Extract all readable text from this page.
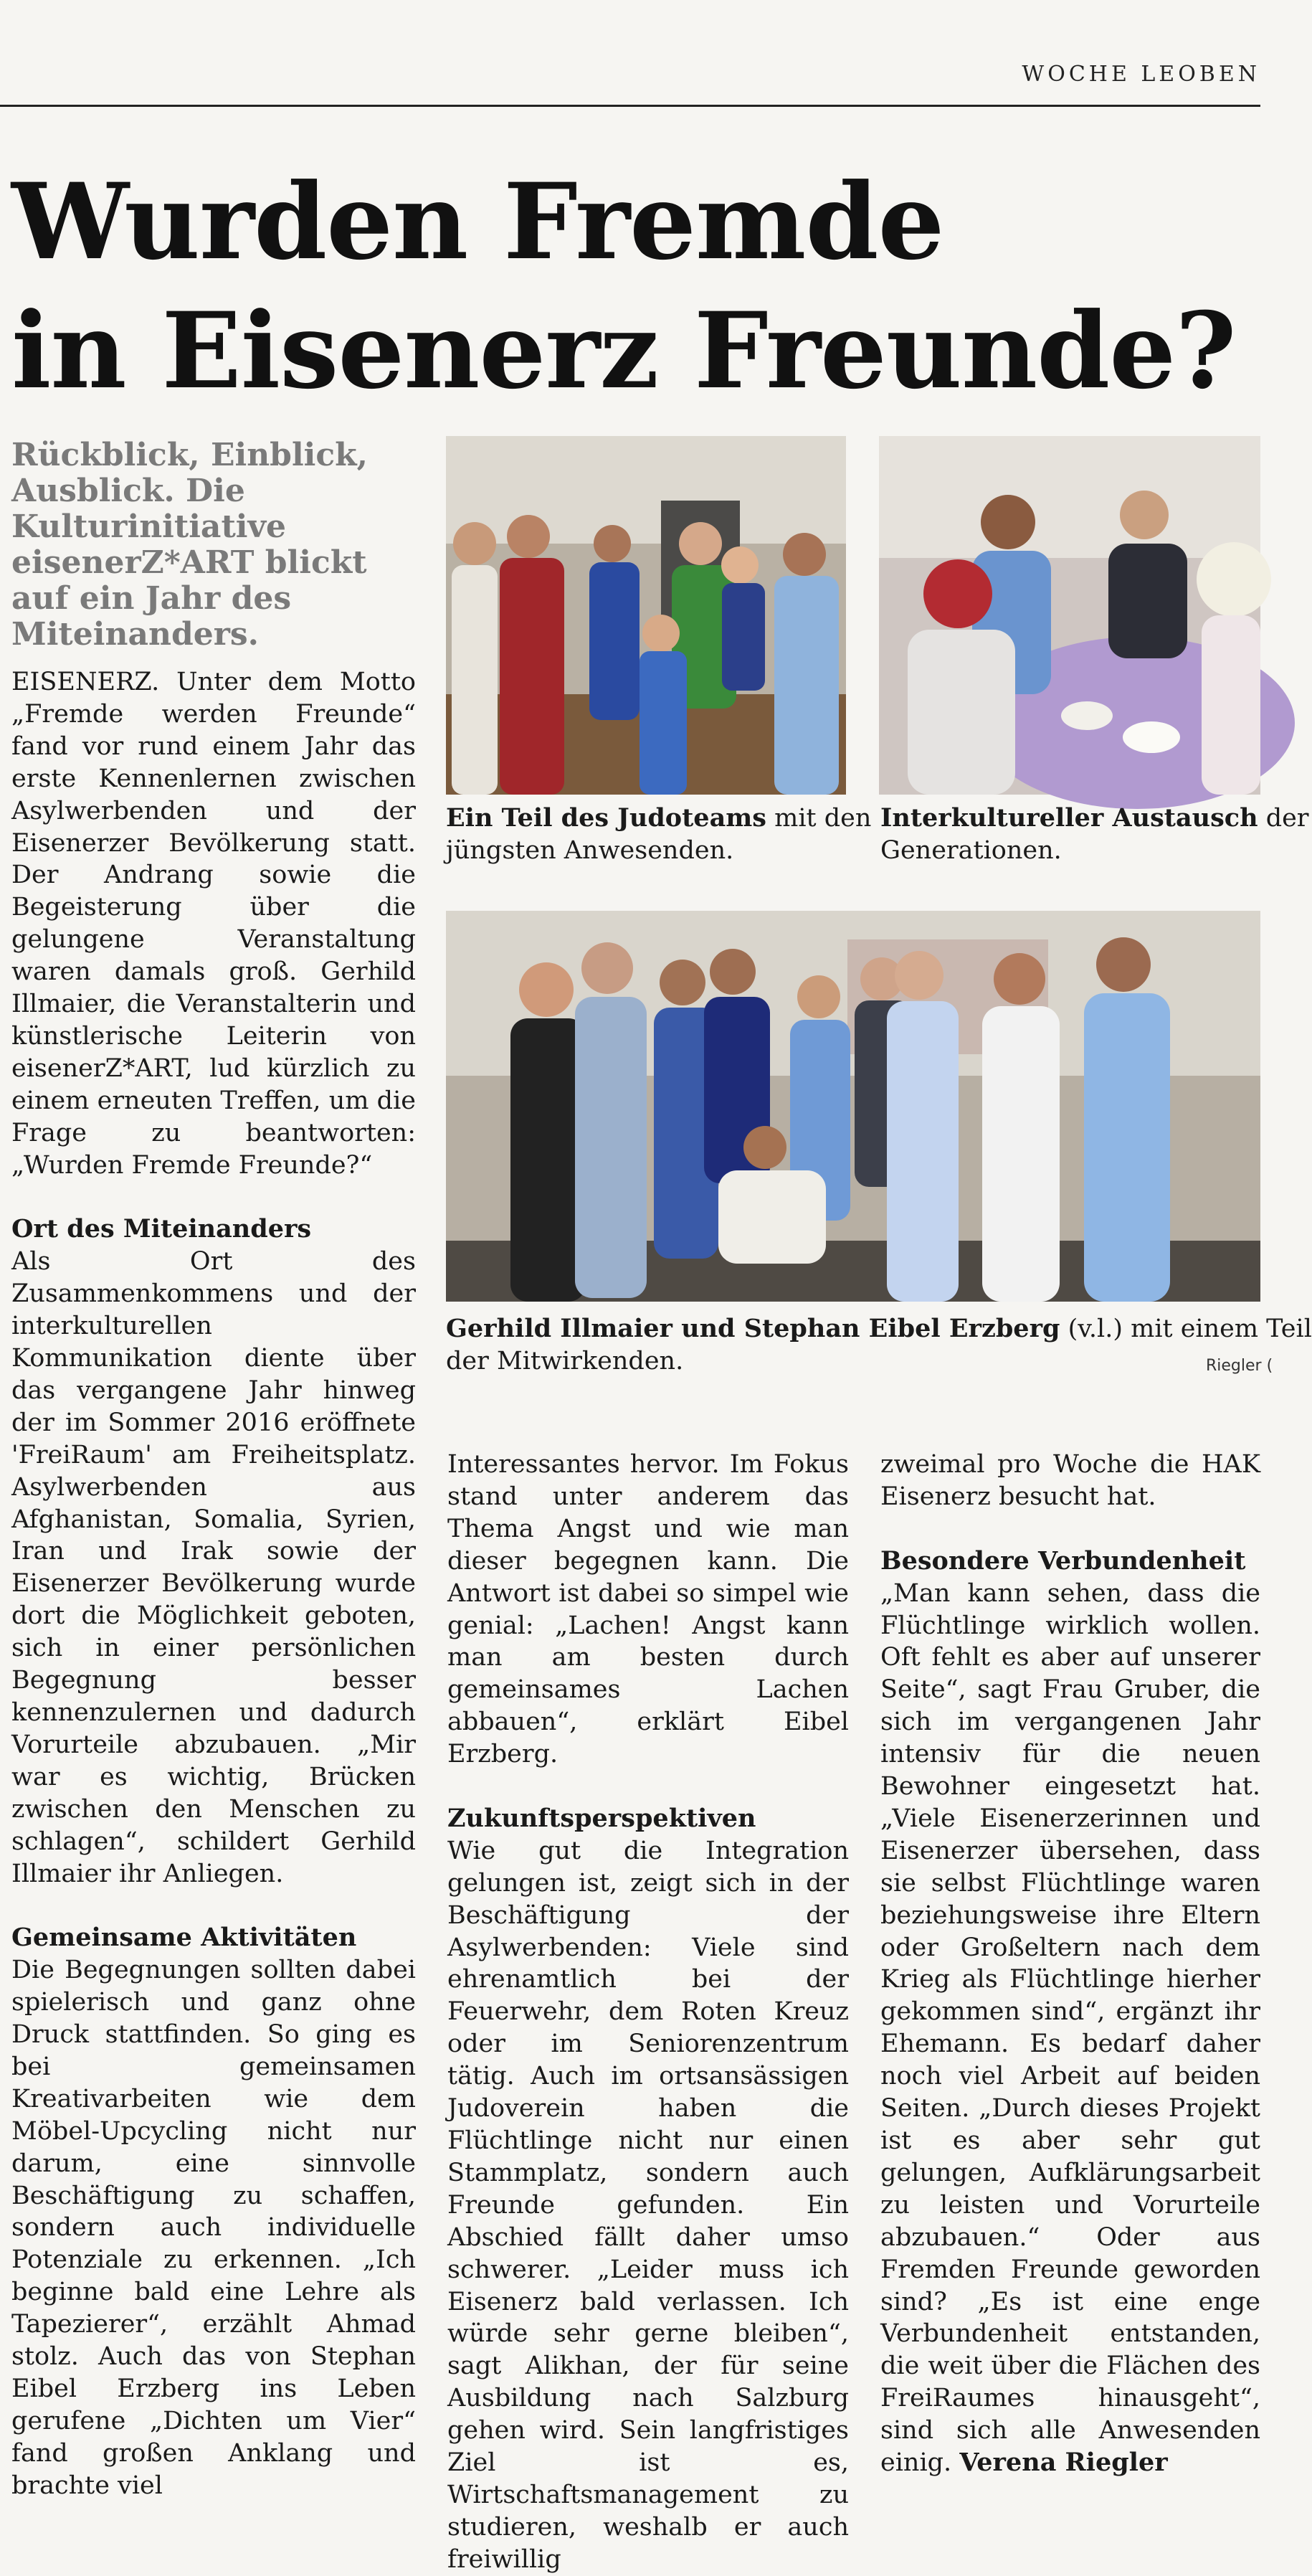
WOCHE LEOBEN
Wurden Fremde
in Eisenerz Freunde?
Rückblick, Einblick, Ausblick. Die Kulturinitiative eisenerZ*ART blickt auf ein Jahr des Miteinanders.

EISENERZ. Unter dem Motto „Fremde werden Freunde“ fand vor rund einem Jahr das erste Kennenlernen zwischen Asylwerbenden und der Eisenerzer Bevölkerung statt. Der Andrang sowie die Begeisterung über die gelungene Veranstaltung waren damals groß. Gerhild Illmaier, die Veranstalterin und künstlerische Leiterin von eisenerZ*ART, lud kürzlich zu einem erneuten Treffen, um die Frage zu beantworten: „Wurden Fremde Freunde?“

Ort des Miteinanders

Als Ort des Zusammenkommens und der interkulturellen Kommunikation diente über das vergangene Jahr hinweg der im Sommer 2016 eröffnete 'FreiRaum' am Freiheitsplatz. Asylwerbenden aus Afghanistan, Somalia, Syrien, Iran und Irak sowie der Eisenerzer Bevölkerung wurde dort die Möglichkeit geboten, sich in einer persönlichen Begegnung besser kennenzulernen und dadurch Vorurteile abzubauen. „Mir war es wichtig, Brücken zwischen den Menschen zu schlagen“, schildert Gerhild Illmaier ihr Anliegen.

Gemeinsame Aktivitäten

Die Begegnungen sollten dabei spielerisch und ganz ohne Druck stattfinden. So ging es bei gemeinsamen Kreativarbeiten wie dem Möbel-Upcycling nicht nur darum, eine sinnvolle Beschäftigung zu schaffen, sondern auch individuelle Potenziale zu erkennen. „Ich beginne bald eine Lehre als Tapezierer“, erzählt Ahmad stolz. Auch das von Stephan Eibel Erzberg ins Leben gerufene „Dichten um Vier“ fand großen Anklang und brachte viel

Ein Teil des Judoteams mit den
jüngsten Anwesenden.
Interkultureller Austausch der
Generationen.
Gerhild Illmaier und Stephan Eibel Erzberg (v.l.) mit einem Teil
der Mitwirkenden.	Riegler (

Interessantes hervor. Im Fokus stand unter anderem das Thema Angst und wie man dieser begegnen kann. Die Antwort ist dabei so simpel wie genial: „Lachen! Angst kann man am besten durch gemeinsames Lachen abbauen“, erklärt Eibel Erzberg.

Zukunftsperspektiven

Wie gut die Integration gelungen ist, zeigt sich in der Beschäftigung der Asylwerbenden: Viele sind ehrenamtlich bei der Feuerwehr, dem Roten Kreuz oder im Seniorenzentrum tätig. Auch im ortsansässigen Judoverein haben die Flüchtlinge nicht nur einen Stammplatz, sondern auch Freunde gefunden. Ein Abschied fällt daher umso schwerer. „Leider muss ich Eisenerz bald verlassen. Ich würde sehr gerne bleiben“, sagt Alikhan, der für seine Ausbildung nach Salzburg gehen wird. Sein langfristiges Ziel ist es, Wirtschaftsmanagement zu studieren, weshalb er auch freiwillig

zweimal pro Woche die HAK Eisenerz besucht hat.

Besondere Verbundenheit

„Man kann sehen, dass die Flüchtlinge wirklich wollen. Oft fehlt es aber auf unserer Seite“, sagt Frau Gruber, die sich im vergangenen Jahr intensiv für die neuen Bewohner eingesetzt hat. „Viele Eisenerzerinnen und Eisenerzer übersehen, dass sie selbst Flüchtlinge waren beziehungsweise ihre Eltern oder Großeltern nach dem Krieg als Flüchtlinge hierher gekommen sind“, ergänzt ihr Ehemann. Es bedarf daher noch viel Arbeit auf beiden Seiten. „Durch dieses Projekt ist es aber sehr gut gelungen, Aufklärungsarbeit zu leisten und Vorurteile abzubauen.“ Oder aus Fremden Freunde geworden sind? „Es ist eine enge Verbundenheit entstanden, die weit über die Flächen des FreiRaumes hinausgeht“, sind sich alle Anwesenden einig. Verena Riegler
